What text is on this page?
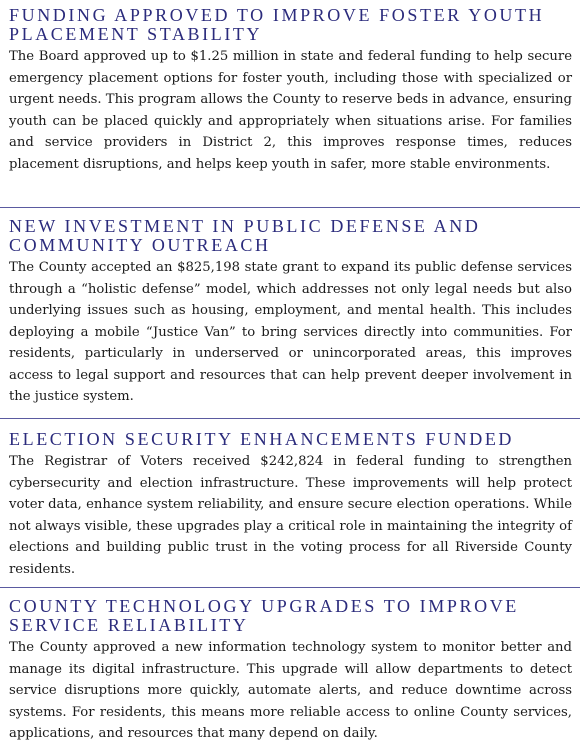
FUNDING APPROVED TO IMPROVE FOSTER YOUTH PLACEMENT STABILITY

The Board approved up to $1.25 million in state and federal funding to help secure emergency placement options for foster youth, including those with specialized or urgent needs. This program allows the County to reserve beds in advance, ensuring youth can be placed quickly and appropriately when situations arise. For families and service providers in District 2, this improves response times, reduces placement disruptions, and helps keep youth in safer, more stable environments.

NEW INVESTMENT IN PUBLIC DEFENSE AND COMMUNITY OUTREACH

The County accepted an $825,198 state grant to expand its public defense services through a “holistic defense” model, which addresses not only legal needs but also underlying issues such as housing, employment, and mental health. This includes deploying a mobile “Justice Van” to bring services directly into communities. For residents, particularly in underserved or unincorporated areas, this improves access to legal support and resources that can help prevent deeper involvement in the justice system.

ELECTION SECURITY ENHANCEMENTS FUNDED

The Registrar of Voters received $242,824 in federal funding to strengthen cybersecurity and election infrastructure. These improvements will help protect voter data, enhance system reliability, and ensure secure election operations. While not always visible, these upgrades play a critical role in maintaining the integrity of elections and building public trust in the voting process for all Riverside County residents.

COUNTY TECHNOLOGY UPGRADES TO IMPROVE SERVICE RELIABILITY

The County approved a new information technology system to monitor better and manage its digital infrastructure. This upgrade will allow departments to detect service disruptions more quickly, automate alerts, and reduce downtime across systems. For residents, this means more reliable access to online County services, applications, and resources that many depend on daily.
